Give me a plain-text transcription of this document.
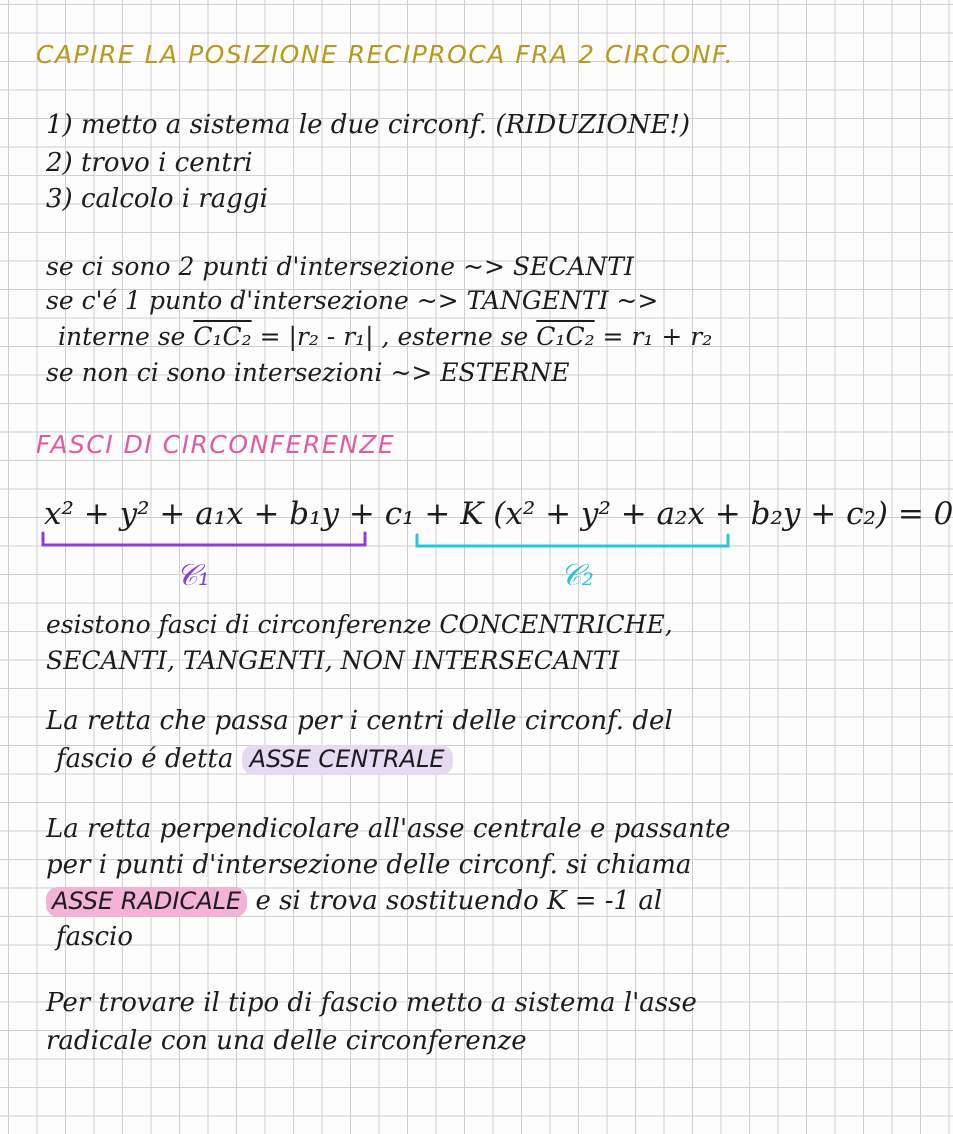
CAPIRE LA POSIZIONE RECIPROCA FRA 2 CIRCONF.
1) metto a sistema le due circonf. (RIDUZIONE!)
2) trovo i centri
3) calcolo i raggi
se ci sono 2 punti d'intersezione ~> SECANTI
se c'é 1 punto d'intersezione ~> TANGENTI ~>
interne se C₁C₂ = |r₂ - r₁| , esterne se C₁C₂ = r₁ + r₂
se non ci sono intersezioni ~> ESTERNE
FASCI DI CIRCONFERENZE
x² + y² + a₁x + b₁y + c₁ + K (x² + y² + a₂x + b₂y + c₂) = 0
𝒞₁	𝒞₂
esistono fasci di circonferenze CONCENTRICHE,
SECANTI, TANGENTI, NON INTERSECANTI
La retta che passa per i centri delle circonf. del
fascio é detta ASSE CENTRALE
La retta perpendicolare all'asse centrale e passante
per i punti d'intersezione delle circonf. si chiama
ASSE RADICALE e si trova sostituendo K = -1 al
fascio
Per trovare il tipo di fascio metto a sistema l'asse
radicale con una delle circonferenze
